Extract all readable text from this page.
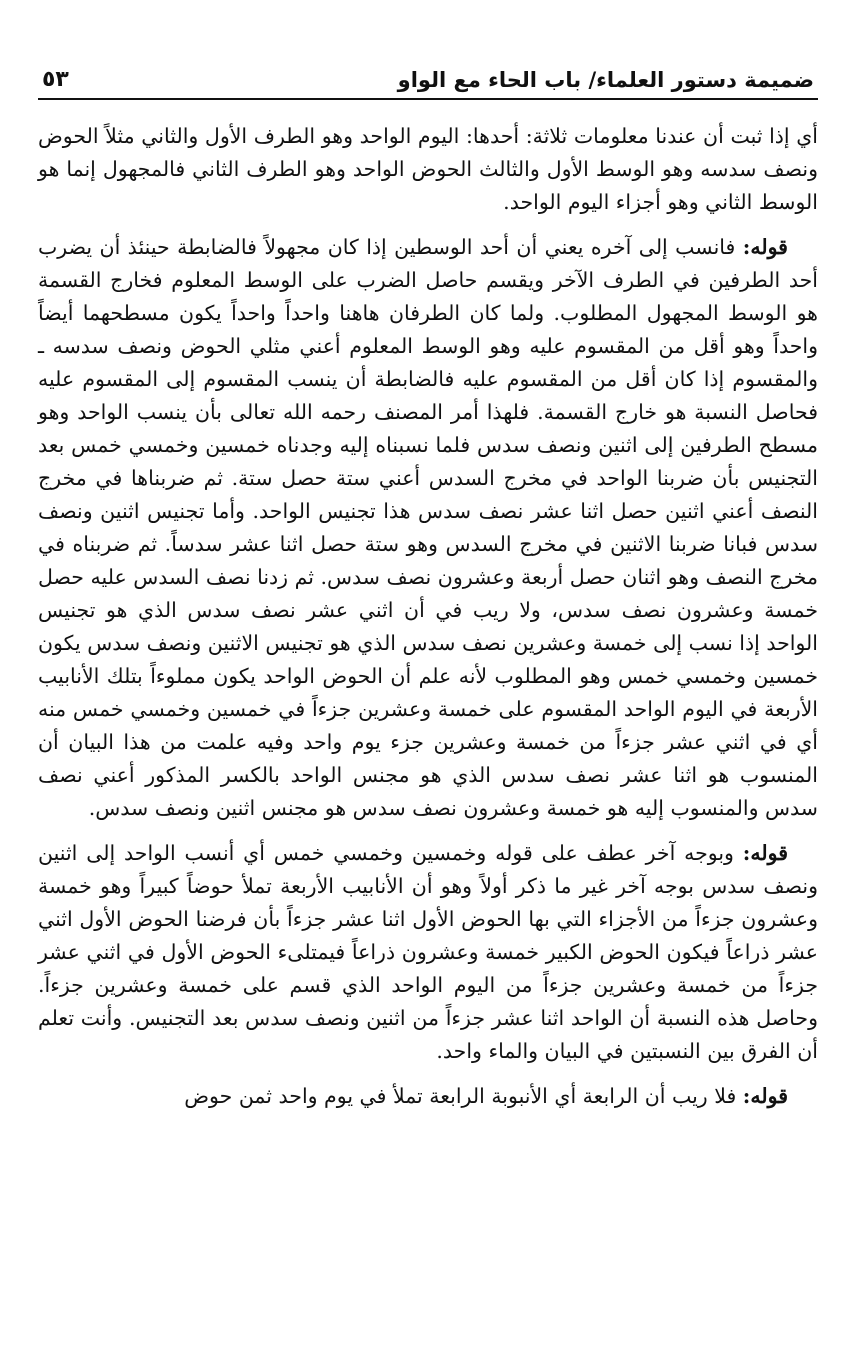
ضميمة دستور العلماء/ باب الحاء مع الواو
٥٣

أي إذا ثبت أن عندنا معلومات ثلاثة: أحدها: اليوم الواحد وهو الطرف الأول والثاني مثلاً الحوض ونصف سدسه وهو الوسط الأول والثالث الحوض الواحد وهو الطرف الثاني فالمجهول إنما هو الوسط الثاني وهو أجزاء اليوم الواحد.

قوله: فانسب إلى آخره يعني أن أحد الوسطين إذا كان مجهولاً فالضابطة حينئذ أن يضرب أحد الطرفين في الطرف الآخر ويقسم حاصل الضرب على الوسط المعلوم فخارج القسمة هو الوسط المجهول المطلوب. ولما كان الطرفان هاهنا واحداً واحداً يكون مسطحهما أيضاً واحداً وهو أقل من المقسوم عليه وهو الوسط المعلوم أعني مثلي الحوض ونصف سدسه ـ والمقسوم إذا كان أقل من المقسوم عليه فالضابطة أن ينسب المقسوم إلى المقسوم عليه فحاصل النسبة هو خارج القسمة. فلهذا أمر المصنف رحمه الله تعالى بأن ينسب الواحد وهو مسطح الطرفين إلى اثنين ونصف سدس فلما نسبناه إليه وجدناه خمسين وخمسي خمس بعد التجنيس بأن ضربنا الواحد في مخرج السدس أعني ستة حصل ستة. ثم ضربناها في مخرج النصف أعني اثنين حصل اثنا عشر نصف سدس هذا تجنيس الواحد. وأما تجنيس اثنين ونصف سدس فبانا ضربنا الاثنين في مخرج السدس وهو ستة حصل اثنا عشر سدساً. ثم ضربناه في مخرج النصف وهو اثنان حصل أربعة وعشرون نصف سدس. ثم زدنا نصف السدس عليه حصل خمسة وعشرون نصف سدس، ولا ريب في أن اثني عشر نصف سدس الذي هو تجنيس الواحد إذا نسب إلى خمسة وعشرين نصف سدس الذي هو تجنيس الاثنين ونصف سدس يكون خمسين وخمسي خمس وهو المطلوب لأنه علم أن الحوض الواحد يكون مملوءاً بتلك الأنابيب الأربعة في اليوم الواحد المقسوم على خمسة وعشرين جزءاً في خمسين وخمسي خمس منه أي في اثني عشر جزءاً من خمسة وعشرين جزء يوم واحد وفيه علمت من هذا البيان أن المنسوب هو اثنا عشر نصف سدس الذي هو مجنس الواحد بالكسر المذكور أعني نصف سدس والمنسوب إليه هو خمسة وعشرون نصف سدس هو مجنس اثنين ونصف سدس.

قوله: وبوجه آخر عطف على قوله وخمسين وخمسي خمس أي أنسب الواحد إلى اثنين ونصف سدس بوجه آخر غير ما ذكر أولاً وهو أن الأنابيب الأربعة تملأ حوضاً كبيراً وهو خمسة وعشرون جزءاً من الأجزاء التي بها الحوض الأول اثنا عشر جزءاً بأن فرضنا الحوض الأول اثني عشر ذراعاً فيكون الحوض الكبير خمسة وعشرون ذراعاً فيمتلىء الحوض الأول في اثني عشر جزءاً من خمسة وعشرين جزءاً من اليوم الواحد الذي قسم على خمسة وعشرين جزءاً. وحاصل هذه النسبة أن الواحد اثنا عشر جزءاً من اثنين ونصف سدس بعد التجنيس. وأنت تعلم أن الفرق بين النسبتين في البيان والماء واحد.

قوله: فلا ريب أن الرابعة أي الأنبوبة الرابعة تملأ في يوم واحد ثمن حوض
